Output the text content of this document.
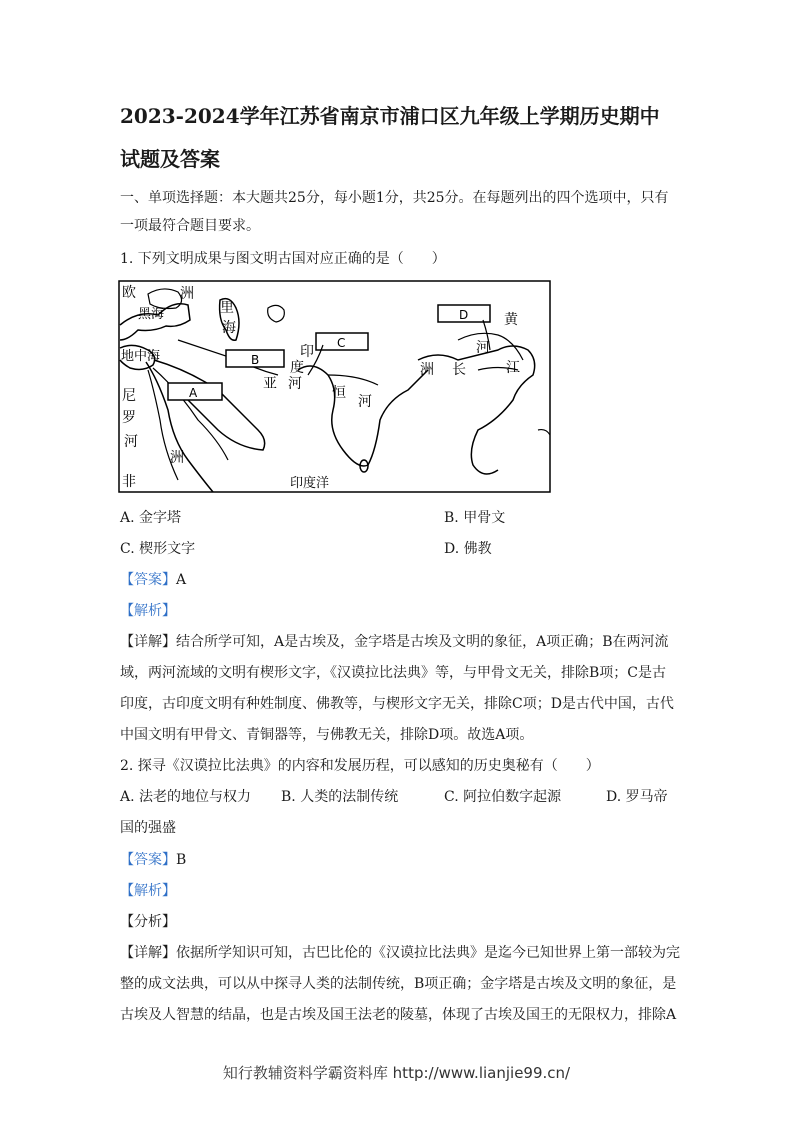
2023-2024学年江苏省南京市浦口区九年级上学期历史期中
试题及答案
一、单项选择题：本大题共25分，每小题1分，共25分。在每题列出的四个选项中，只有
一项最符合题目要求。
1. 下列文明成果与图文明古国对应正确的是（　　）
欧	洲
黑海	里
海
地中海
A
B
C
D
印
度
河
亚
恒
河
尼
罗
河
洲
非
黄
河
洲 长	江
印度洋
A. 金字塔	B. 甲骨文
C. 楔形文字	D. 佛教
【答案】A
【解析】
【详解】结合所学可知，A是古埃及，金字塔是古埃及文明的象征，A项正确；B在两河流
域，两河流域的文明有楔形文字，《汉谟拉比法典》等，与甲骨文无关，排除B项；C是古
印度，古印度文明有种姓制度、佛教等，与楔形文字无关，排除C项；D是古代中国，古代
中国文明有甲骨文、青铜器等，与佛教无关，排除D项。故选A项。
2. 探寻《汉谟拉比法典》的内容和发展历程，可以感知的历史奥秘有（　　）
A. 法老的地位与权力 B. 人类的法制传统	C. 阿拉伯数字起源	D. 罗马帝
国的强盛
【答案】B
【解析】
【分析】
【详解】依据所学知识可知，古巴比伦的《汉谟拉比法典》是迄今已知世界上第一部较为完
整的成文法典，可以从中探寻人类的法制传统，B项正确；金字塔是古埃及文明的象征，是
古埃及人智慧的结晶，也是古埃及国王法老的陵墓，体现了古埃及国王的无限权力，排除A
知行教辅资料学霸资料库 http://www.lianjie99.cn/
